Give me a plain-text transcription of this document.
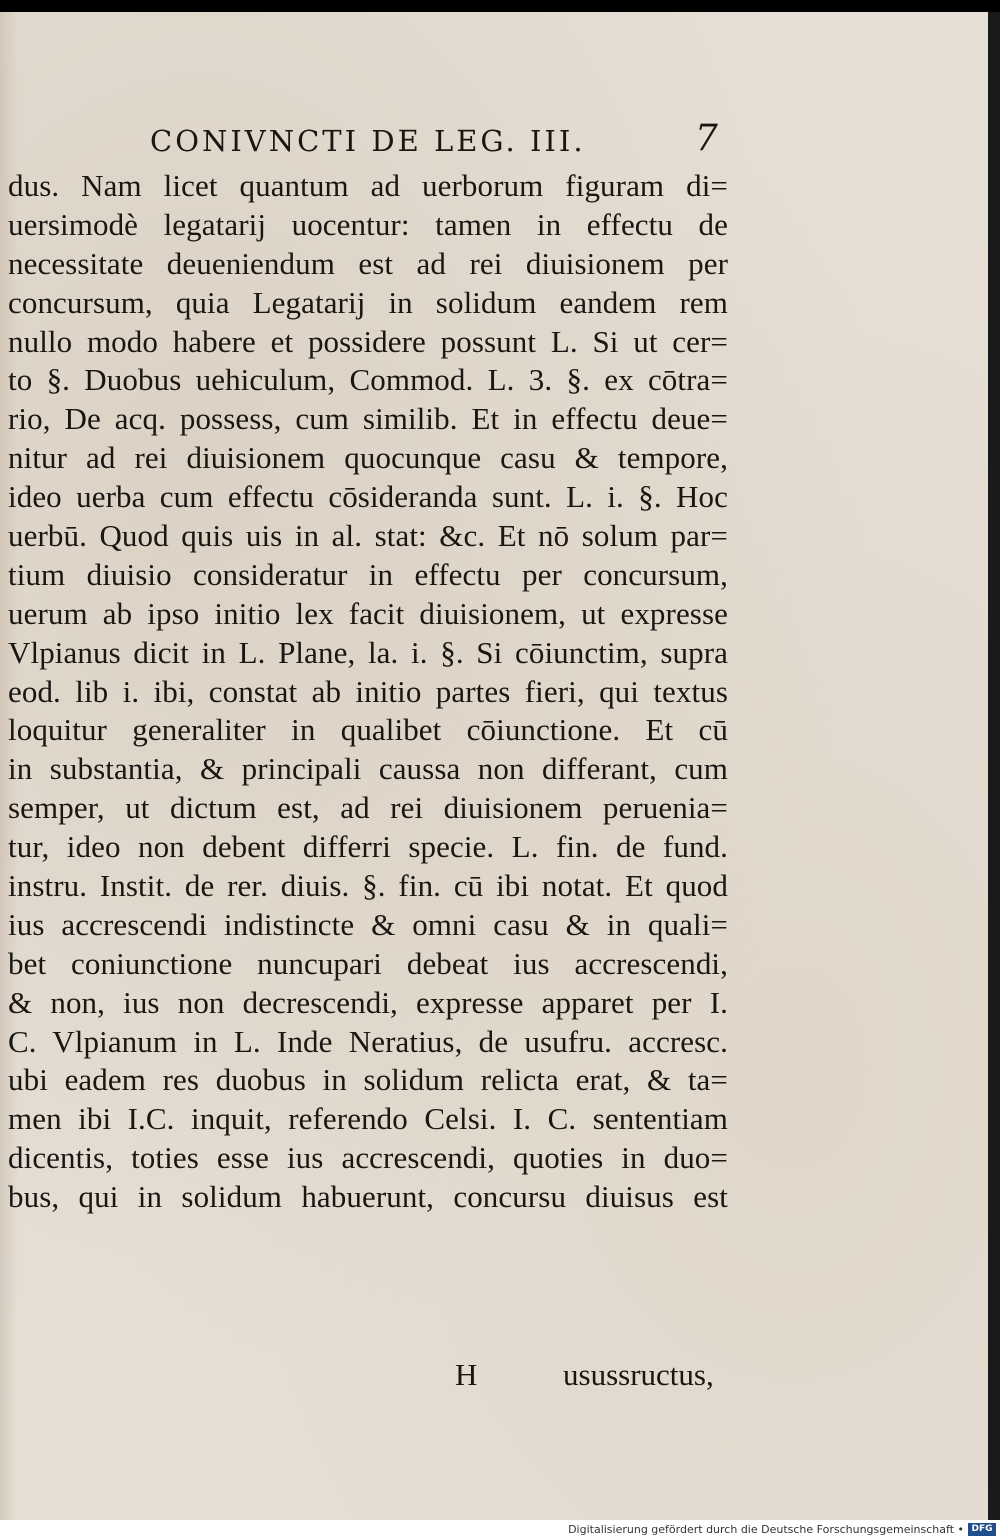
CONIVNCTI DE LEG. III.	7
dus. Nam licet quantum ad uerborum figuram di=
uersimodè legatarij uocentur: tamen in effectu de
necessitate deueniendum est ad rei diuisionem per
concursum, quia Legatarij in solidum eandem rem
nullo modo habere et possidere possunt L. Si ut cer=
to §. Duobus uehiculum, Commod. L. 3. §. ex cōtra=
rio, De acq. possess, cum similib. Et in effectu deue=
nitur ad rei diuisionem quocunque casu & tempore,
ideo uerba cum effectu cōsideranda sunt. L. i. §. Hoc
uerbū. Quod quis uis in al. stat: &c. Et nō solum par=
tium diuisio consideratur in effectu per concursum,
uerum ab ipso initio lex facit diuisionem, ut expresse
Vlpianus dicit in L. Plane, la. i. §. Si cōiunctim, supra
eod. lib i. ibi, constat ab initio partes fieri, qui textus
loquitur generaliter in qualibet cōiunctione. Et cū
in substantia, & principali caussa non differant, cum
semper, ut dictum est, ad rei diuisionem peruenia=
tur, ideo non debent differri specie. L. fin. de fund.
instru. Instit. de rer. diuis. §. fin. cū ibi notat. Et quod
ius accrescendi indistincte & omni casu & in quali=
bet coniunctione nuncupari debeat ius accrescendi,
& non, ius non decrescendi, expresse apparet per I.
C. Vlpianum in L. Inde Neratius, de usufru. accresc.
ubi eadem res duobus in solidum relicta erat, & ta=
men ibi I.C. inquit, referendo Celsi. I. C. sententiam
dicentis, toties esse ius accrescendi, quoties in duo=
bus, qui in solidum habuerunt, concursu diuisus est
H	usussructus,
Digitalisierung gefördert durch die Deutsche Forschungsgemeinschaft • DFG
